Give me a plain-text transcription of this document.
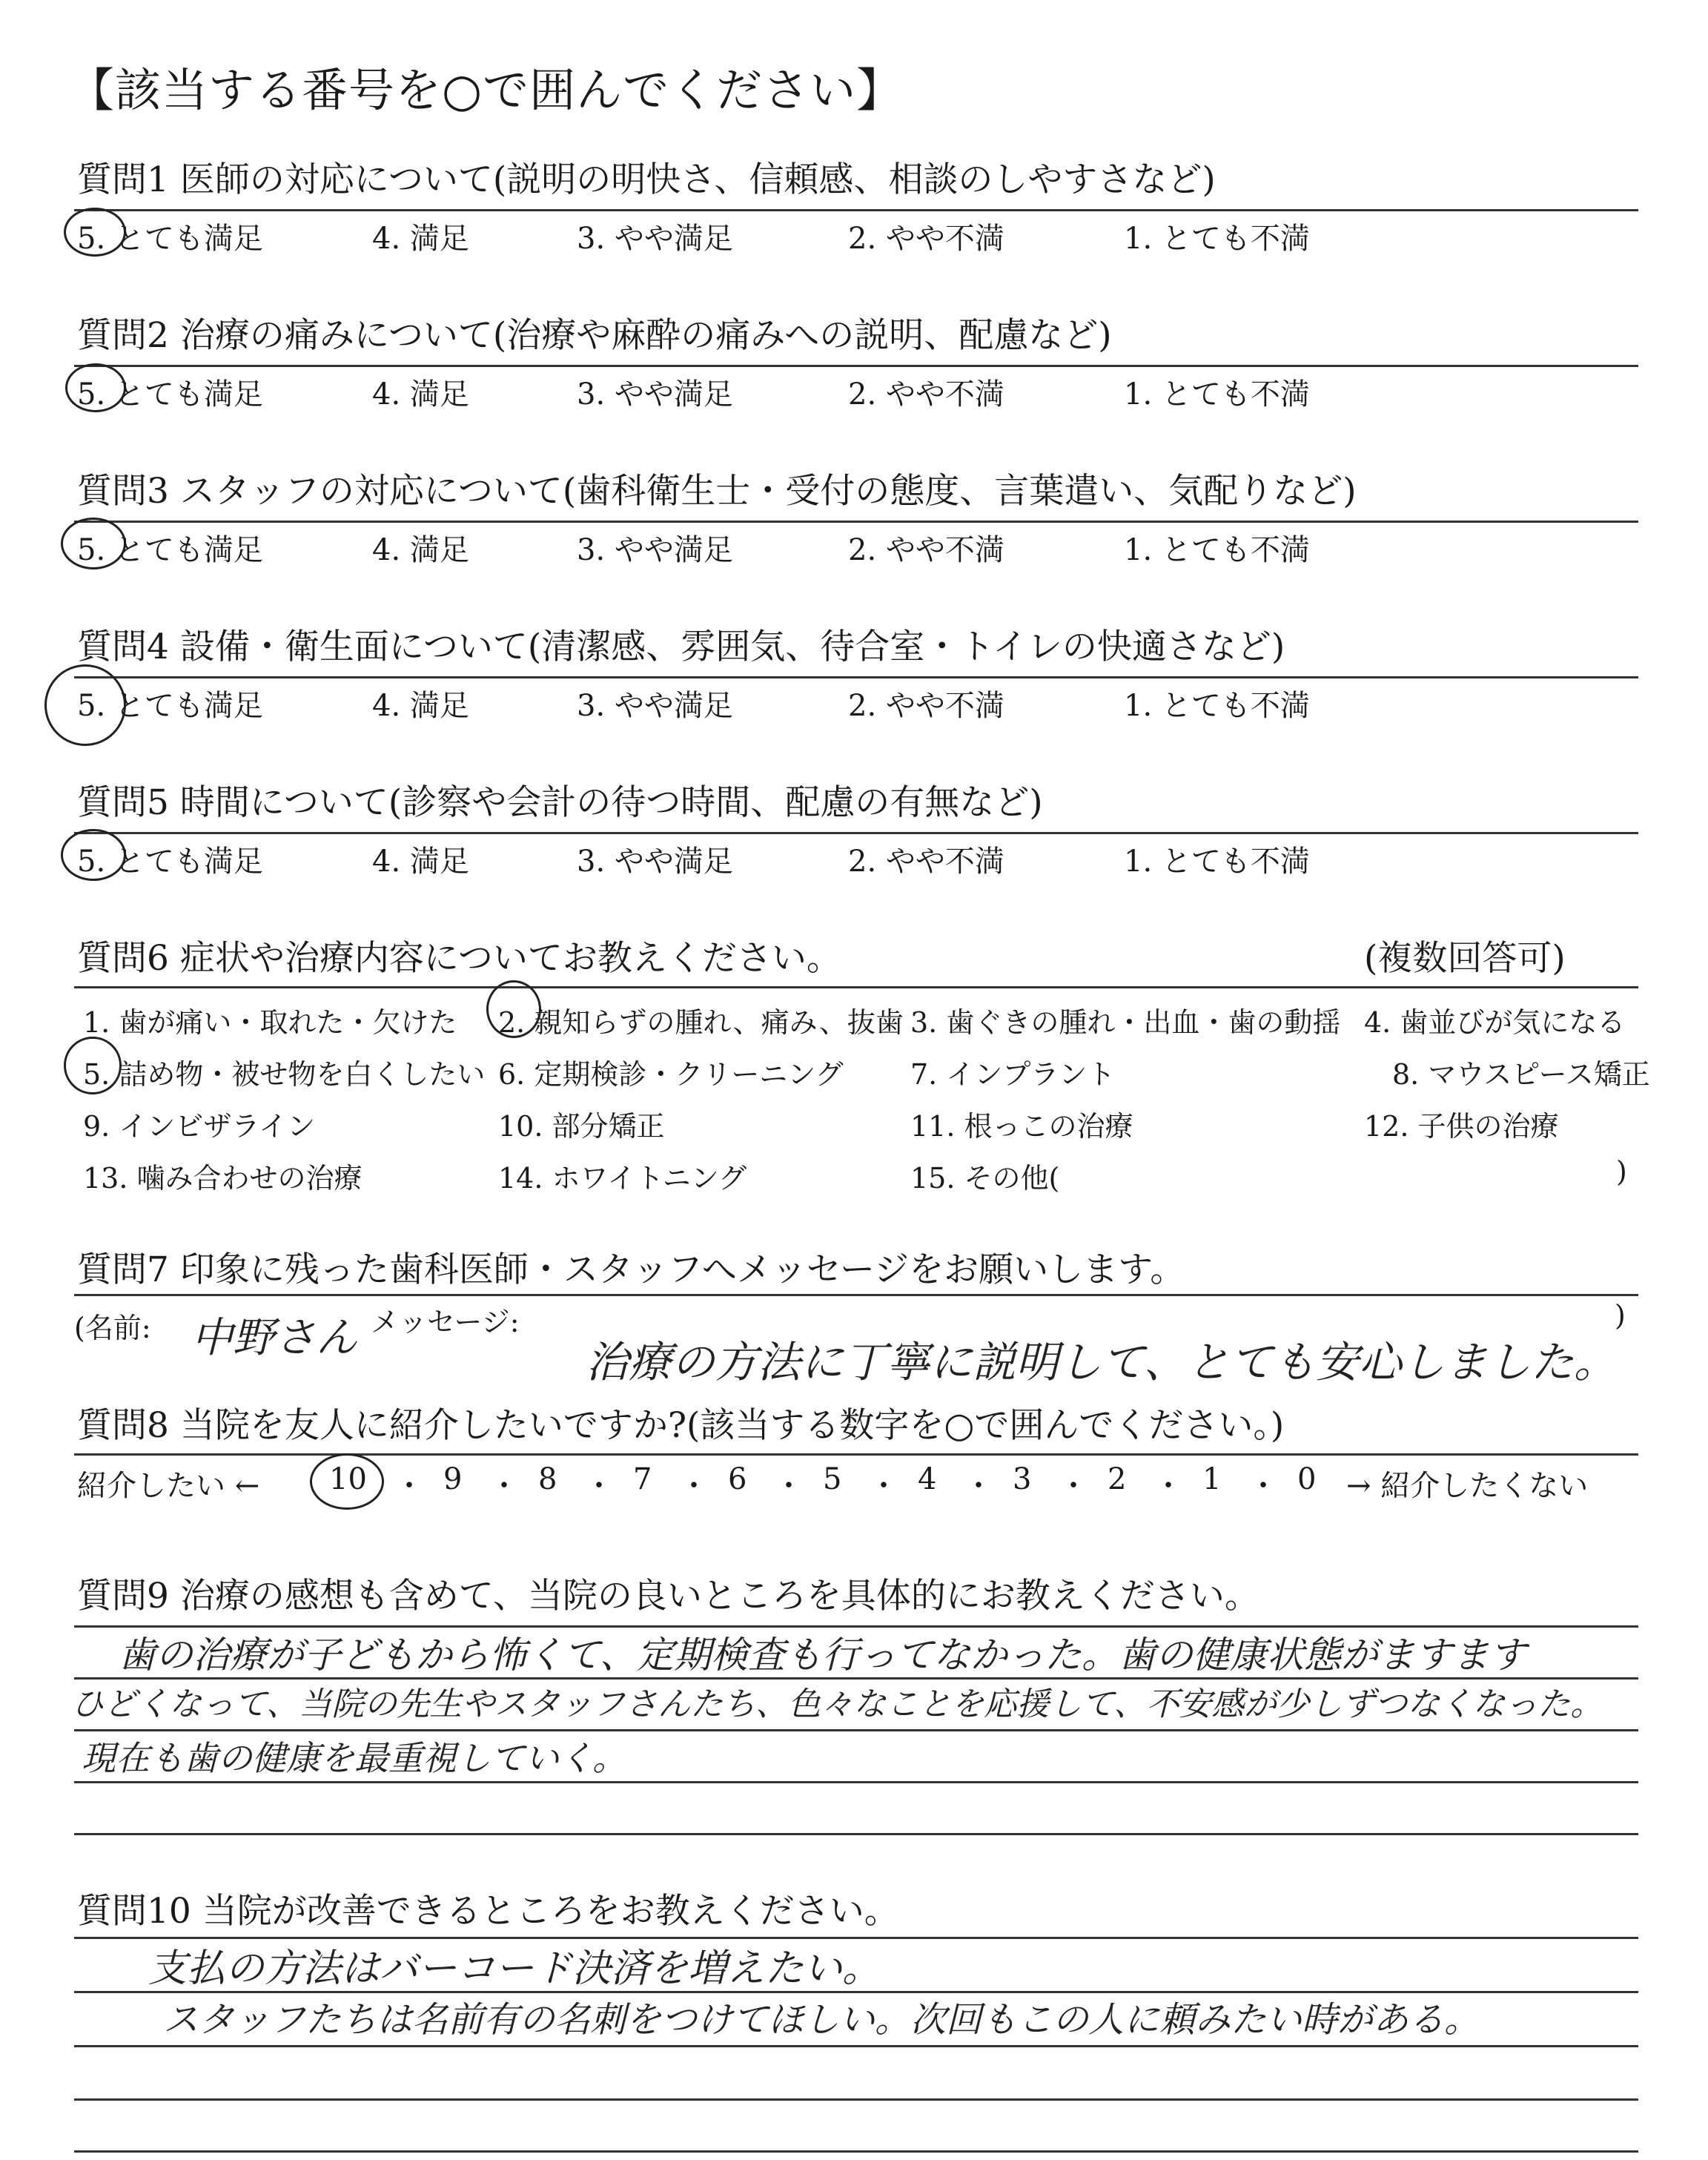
【該当する番号を○で囲んでください】
質問1 医師の対応について(説明の明快さ、信頼感、相談のしやすさなど)
5. とても満足	4. 満足	3. やや満足	2. やや不満	1. とても不満
質問2 治療の痛みについて(治療や麻酔の痛みへの説明、配慮など)
5. とても満足	4. 満足	3. やや満足	2. やや不満	1. とても不満
質問3 スタッフの対応について(歯科衛生士・受付の態度、言葉遣い、気配りなど)
5. とても満足	4. 満足	3. やや満足	2. やや不満	1. とても不満
質問4 設備・衛生面について(清潔感、雰囲気、待合室・トイレの快適さなど)
5. とても満足	4. 満足	3. やや満足	2. やや不満	1. とても不満
質問5 時間について(診察や会計の待つ時間、配慮の有無など)
5. とても満足	4. 満足	3. やや満足	2. やや不満	1. とても不満
質問6 症状や治療内容についてお教えください。	(複数回答可)
1. 歯が痛い・取れた・欠けた 2. 親知らずの腫れ、痛み、抜歯 3. 歯ぐきの腫れ・出血・歯の動揺 4. 歯並びが気になる
5. 詰め物・被せ物を白くしたい 6. 定期検診・クリーニング 7. インプラント	8. マウスピース矯正
9. インビザライン	10. 部分矯正	11. 根っこの治療	12. 子供の治療
13. 噛み合わせの治療	14. ホワイトニング	15. その他(	)
質問7 印象に残った歯科医師・スタッフへメッセージをお願いします。
(名前: 中野さん メッセージ:
治療の方法に丁寧に説明して、とても安心しました。
)
質問8 当院を友人に紹介したいですか?(該当する数字を○で囲んでください。)
紹介したい ← 10 ・ 9 ・ 8 ・ 7 ・ 6 ・ 5 ・ 4 ・ 3 ・ 2 ・ 1 ・ 0 → 紹介したくない
質問9 治療の感想も含めて、当院の良いところを具体的にお教えください。
歯の治療が子どもから怖くて、定期検査も行ってなかった。歯の健康状態がますます
ひどくなって、当院の先生やスタッフさんたち、色々なことを応援して、不安感が少しずつなくなった。
現在も歯の健康を最重視していく。
質問10 当院が改善できるところをお教えください。
支払の方法はバーコード決済を増えたい。
スタッフたちは名前有の名刺をつけてほしい。次回もこの人に頼みたい時がある。
